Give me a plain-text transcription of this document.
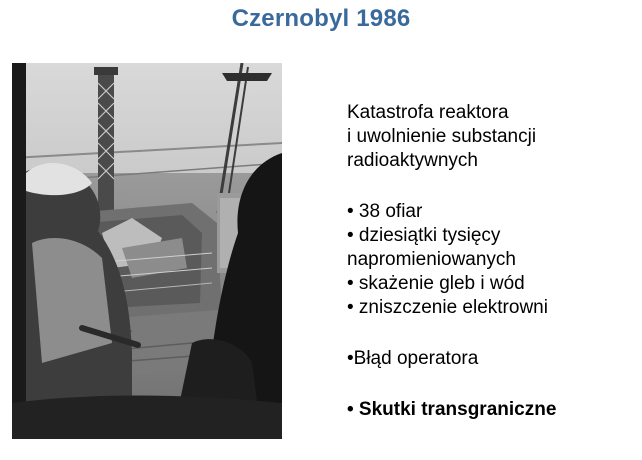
Czernobyl 1986
Katastrofa reaktora
i uwolnienie substancji
radioaktywnych
• 38 ofiar
• dziesiątki tysięcy
napromieniowanych
• skażenie gleb i wód
• zniszczenie elektrowni
•Błąd operatora
• Skutki transgraniczne
